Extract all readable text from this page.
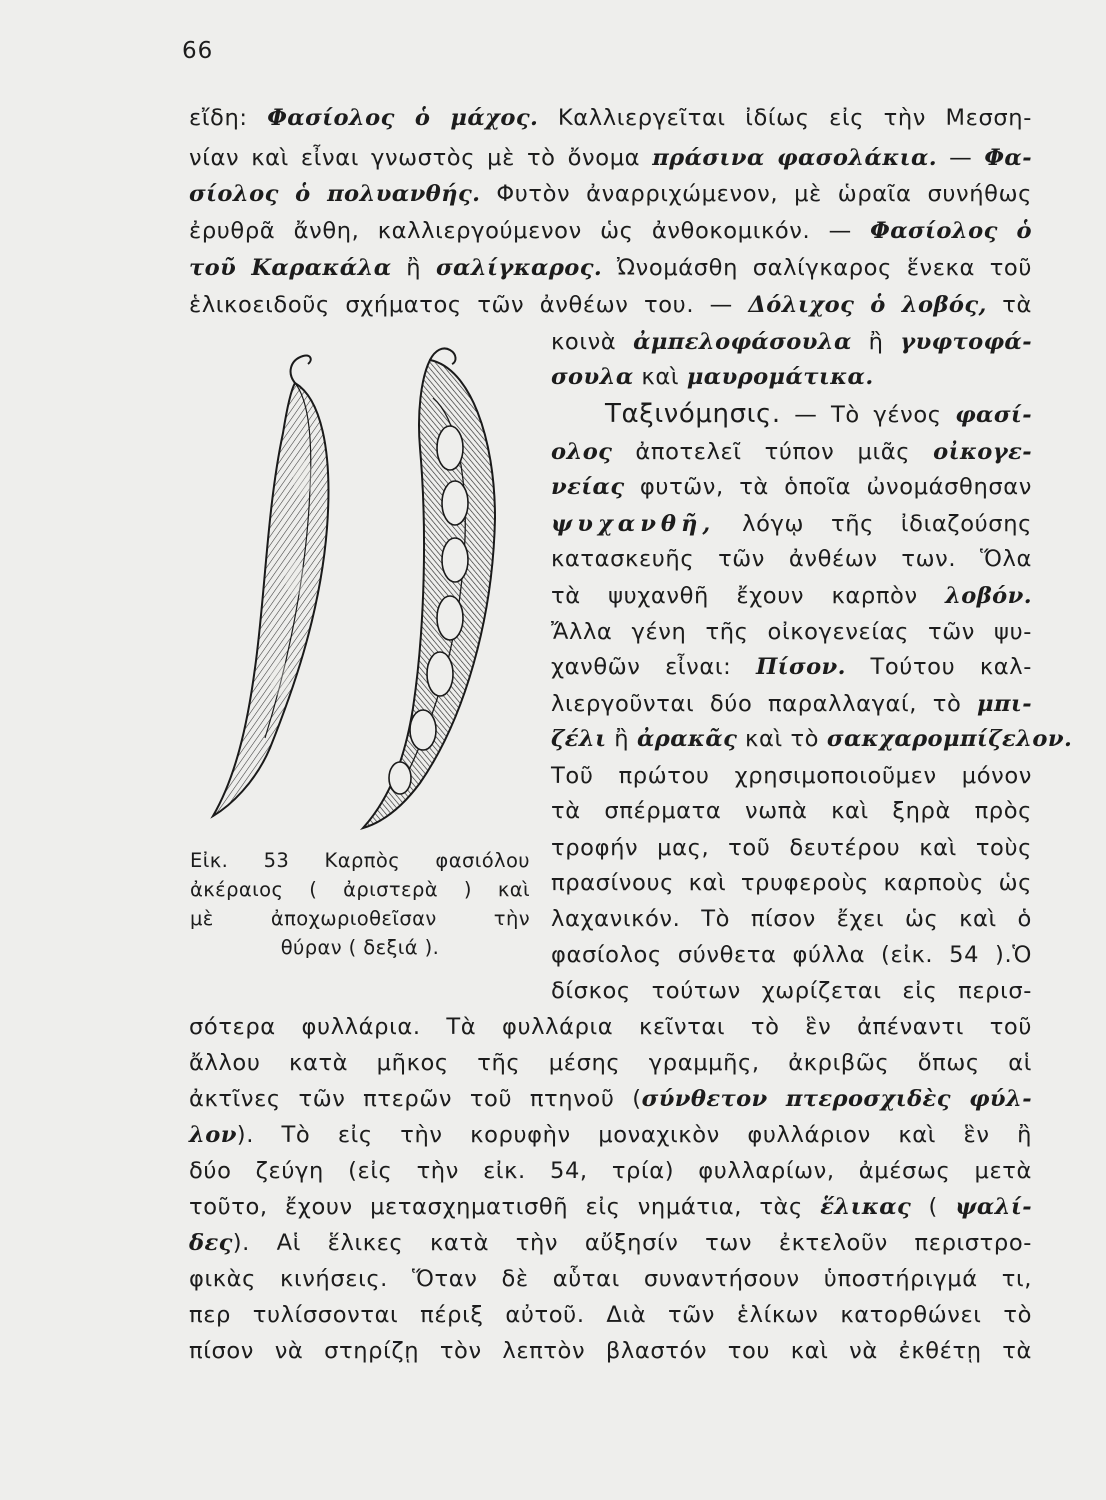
66
εἴδη: Φασίολος ὁ μάχος. Καλλιεργεῖται ἰδίως εἰς τὴν Μεσση-
νίαν καὶ εἶναι γνωστὸς μὲ τὸ ὄνομα πράσινα φασολάκια. — Φα-
σίολος ὁ πολυανθής. Φυτὸν ἀναρριχώμενον, μὲ ὡραῖα συνήθως
ἐρυθρᾶ ἄνθη, καλλιεργούμενον ὡς ἀνθοκομικόν. — Φασίολος ὁ
τοῦ Καρακάλα ἢ σαλίγκαρος. Ὠνομάσθη σαλίγκαρος ἕνεκα τοῦ
ἑλικοειδοῦς σχήματος τῶν ἀνθέων του. — Δόλιχος ὁ λοβός, τὰ
κοινὰ ἀμπελοφάσουλα ἢ γυφτοφά-
σουλα καὶ μαυρομάτικα.
Ταξινόμησις. — Τὸ γένος φασί-
ολος ἀποτελεῖ τύπον μιᾶς οἰκογε-
νείας φυτῶν, τὰ ὁποῖα ὠνομάσθησαν
ψυχανθῆ, λόγῳ τῆς ἰδιαζούσης
κατασκευῆς τῶν ἀνθέων των. Ὅλα
τὰ ψυχανθῆ ἔχουν καρπὸν λοβόν.
Ἄλλα γένη τῆς οἰκογενείας τῶν ψυ-
χανθῶν εἶναι: Πίσον. Τούτου καλ-
λιεργοῦνται δύο παραλλαγαί, τὸ μπι-
ζέλι ἢ ἀρακᾶς καὶ τὸ σακχαρομπίζελον.
Τοῦ πρώτου χρησιμοποιοῦμεν μόνον
τὰ σπέρματα νωπὰ καὶ ξηρὰ πρὸς
τροφήν μας, τοῦ δευτέρου καὶ τοὺς
πρασίνους καὶ τρυφεροὺς καρποὺς ὡς
λαχανικόν. Τὸ πίσον ἔχει ὡς καὶ ὁ
φασίολος σύνθετα φύλλα (εἰκ. 54 ).Ὁ
δίσκος τούτων χωρίζεται εἰς περισ-
σότερα φυλλάρια. Τὰ φυλλάρια κεῖνται τὸ ἓν ἀπέναντι τοῦ
ἄλλου κατὰ μῆκος τῆς μέσης γραμμῆς, ἀκριβῶς ὅπως αἱ
ἀκτῖνες τῶν πτερῶν τοῦ πτηνοῦ (σύνθετον πτεροσχιδὲς φύλ-
λον). Τὸ εἰς τὴν κορυφὴν μοναχικὸν φυλλάριον καὶ ἓν ἢ
δύο ζεύγη (εἰς τὴν εἰκ. 54, τρία) φυλλαρίων, ἀμέσως μετὰ
τοῦτο, ἔχουν μετασχηματισθῆ εἰς νημάτια, τὰς ἕλικας ( ψαλί-
δες). Αἱ ἕλικες κατὰ τὴν αὔξησίν των ἐκτελοῦν περιστρο-
φικὰς κινήσεις. Ὅταν δὲ αὗται συναντήσουν ὑποστήριγμά τι,
περ τυλίσσονται πέριξ αὐτοῦ. Διὰ τῶν ἑλίκων κατορθώνει τὸ
πίσον νὰ στηρίζῃ τὸν λεπτὸν βλαστόν του καὶ νὰ ἐκθέτῃ τὰ
Εἰκ. 53 Καρπὸς φασιόλου
ἀκέραιος ( ἀριστερὰ ) καὶ
μὲ ἀποχωριοθεῖσαν τὴν
θύραν ( δεξιά ).
